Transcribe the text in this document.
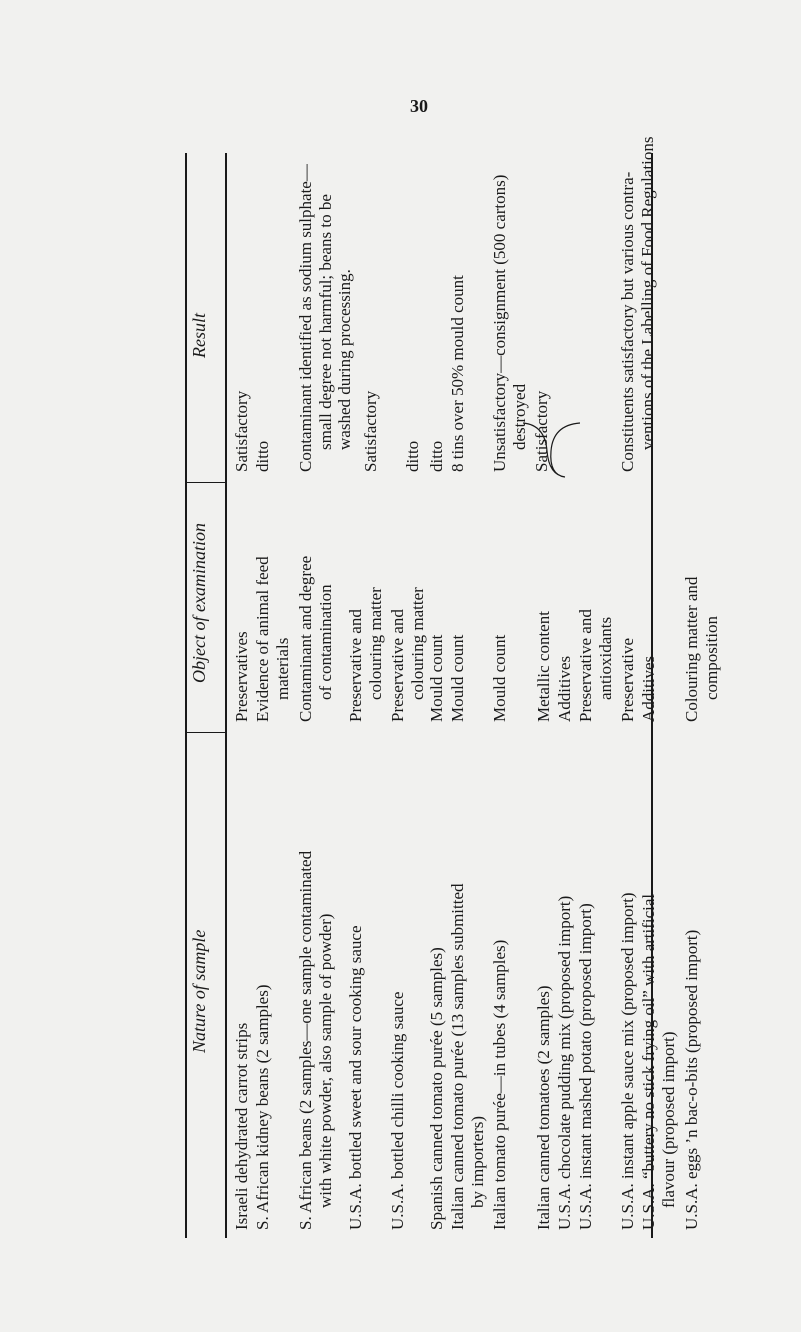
30
Nature of sample
Object of examination
Result
Israeli dehydrated carrot strips S. African kidney beans (2 samples) S. African beans (2 samples—one sample contaminated with white powder, also sample of powder) U.S.A. bottled sweet and sour cooking sauce U.S.A. bottled chilli cooking sauce Spanish canned tomato purée (5 samples) Italian canned tomato purée (13 samples submitted by importers) Italian tomato purée—in tubes (4 samples) Italian canned tomatoes (2 samples) U.S.A. chocolate pudding mix (proposed import) U.S.A. instant mashed potato (proposed import) U.S.A. instant apple sauce mix (proposed import) U.S.A. “buttery no stick frying oil” with artificial flavour (proposed import) U.S.A. eggs ’n bac-o-bits (proposed import)
Preservatives Evidence of animal feed materials Contaminant and degree of contamination Preservative and colouring matter Preservative and colouring matter Mould count Mould count Mould count Metallic content Additives Preservative and antioxidants Preservative Additives Colouring matter and composition
Satisfactory ditto Contaminant identified as sodium sulphate— small degree not harmful; beans to be washed during processing. Satisfactory ditto ditto 8 tins over 50% mould count Unsatisfactory—consignment (500 cartons) destroyed Satisfactory	Constituents satisfactory but various contra- ventions of the Labelling of Food Regulations
